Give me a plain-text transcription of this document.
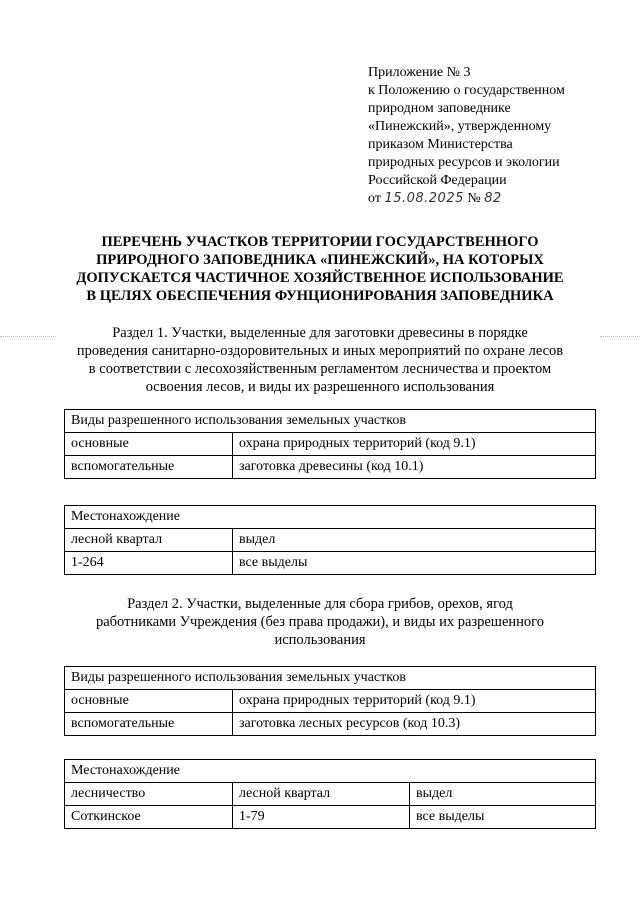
Приложение № 3
к Положению о государственном
природном заповеднике
«Пинежский», утвержденному
приказом Министерства
природных ресурсов и экологии
Российской Федерации
от 15.08.2025 № 82
ПЕРЕЧЕНЬ УЧАСТКОВ ТЕРРИТОРИИ ГОСУДАРСТВЕННОГО
ПРИРОДНОГО ЗАПОВЕДНИКА «ПИНЕЖСКИЙ», НА КОТОРЫХ
ДОПУСКАЕТСЯ ЧАСТИЧНОЕ ХОЗЯЙСТВЕННОЕ ИСПОЛЬЗОВАНИЕ
В ЦЕЛЯХ ОБЕСПЕЧЕНИЯ ФУНЦИОНИРОВАНИЯ ЗАПОВЕДНИКА
Раздел 1. Участки, выделенные для заготовки древесины в порядке
проведения санитарно-оздоровительных и иных мероприятий по охране лесов
в соответствии с лесохозяйственным регламентом лесничества и проектом
освоения лесов, и виды их разрешенного использования
Виды разрешенного использования земельных участков	
основные	охрана природных территорий (код 9.1)
вспомогательные	заготовка древесины (код 10.1)
Местонахождение	
лесной квартал	выдел
1-264	все выделы
Раздел 2. Участки, выделенные для сбора грибов, орехов, ягод
работниками Учреждения (без права продажи), и виды их разрешенного
использования
Виды разрешенного использования земельных участков	
основные	охрана природных территорий (код 9.1)
вспомогательные	заготовка лесных ресурсов (код 10.3)
Местонахождение		
лесничество	лесной квартал	выдел
Соткинское	1-79	все выделы
